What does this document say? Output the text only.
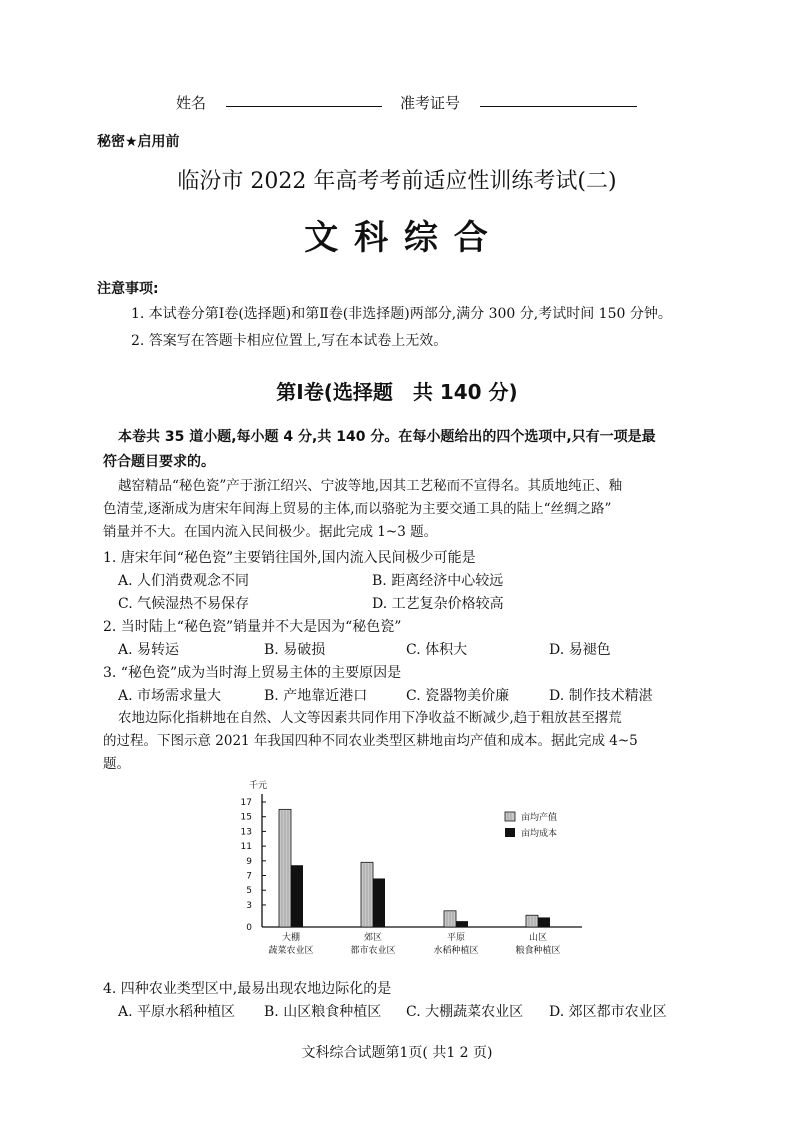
姓名	准考证号
秘密★启用前
临汾市 2022 年高考考前适应性训练考试(二)
文 科 综 合
注意事项:
1. 本试卷分第Ⅰ卷(选择题)和第Ⅱ卷(非选择题)两部分,满分 300 分,考试时间 150 分钟。
2. 答案写在答题卡相应位置上,写在本试卷上无效。
第Ⅰ卷(选择题　共 140 分)
本卷共 35 道小题,每小题 4 分,共 140 分。在每小题给出的四个选项中,只有一项是最
符合题目要求的。
越窑精品“秘色瓷”产于浙江绍兴、宁波等地,因其工艺秘而不宣得名。其质地纯正、釉
色清莹,逐渐成为唐宋年间海上贸易的主体,而以骆驼为主要交通工具的陆上“丝绸之路”
销量并不大。在国内流入民间极少。据此完成 1~3 题。
1. 唐宋年间“秘色瓷”主要销往国外,国内流入民间极少可能是
A. 人们消费观念不同	B. 距离经济中心较远
C. 气候湿热不易保存	D. 工艺复杂价格较高
2. 当时陆上“秘色瓷”销量并不大是因为“秘色瓷”
A. 易转运	B. 易破损	C. 体积大	D. 易褪色
3. “秘色瓷”成为当时海上贸易主体的主要原因是
A. 市场需求量大	B. 产地靠近港口	C. 瓷器物美价廉	D. 制作技术精湛
农地边际化指耕地在自然、人文等因素共同作用下净收益不断减少,趋于粗放甚至撂荒
的过程。下图示意 2021 年我国四种不同农业类型区耕地亩均产值和成本。据此完成 4~5
题。
千元
0
3
5
7
9
11
13
15
17
大棚
蔬菜农业区
郊区
都市农业区
平原
水稻种植区
山区
粮食种植区
亩均产值
亩均成本
4. 四种农业类型区中,最易出现农地边际化的是
A. 平原水稻种植区 B. 山区粮食种植区 C. 大棚蔬菜农业区 D. 郊区都市农业区
文科综合试题第1页( 共1 2 页)
